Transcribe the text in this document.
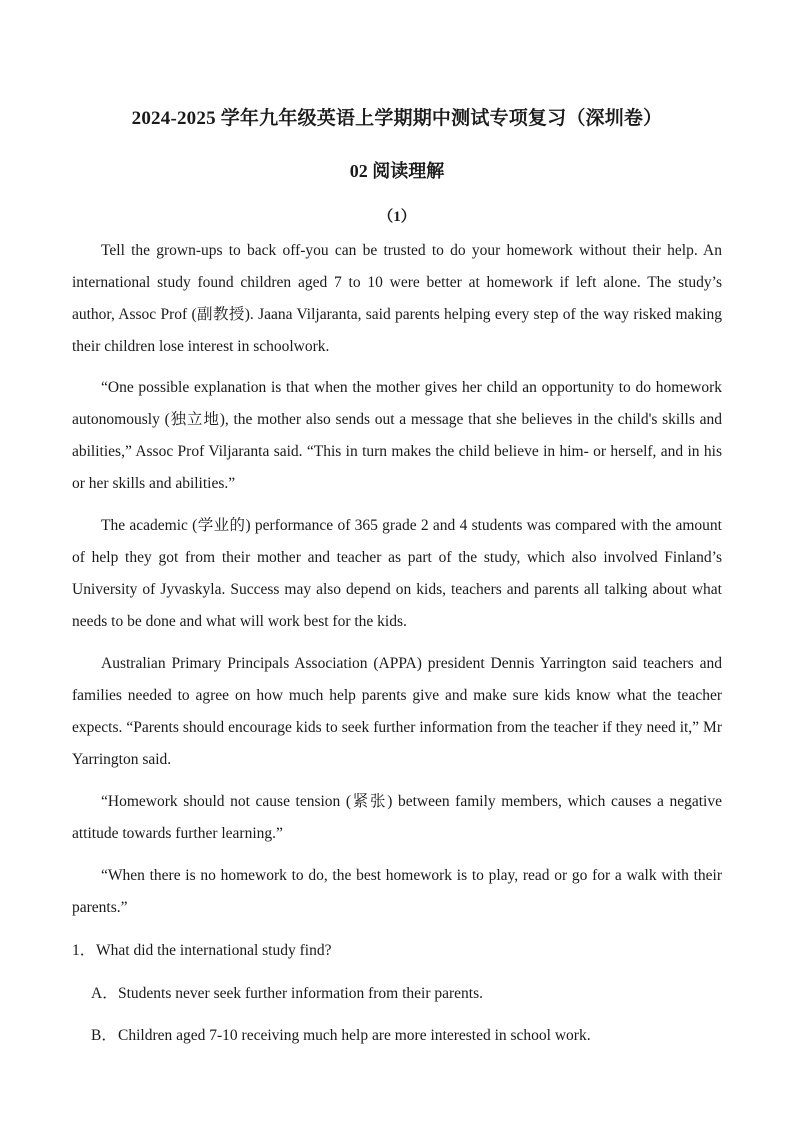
2024-2025 学年九年级英语上学期期中测试专项复习（深圳卷）
02 阅读理解
（1）

Tell the grown-ups to back off-you can be trusted to do your homework without their help. An international study found children aged 7 to 10 were better at homework if left alone. The study’s author, Assoc Prof (副教授). Jaana Viljaranta, said parents helping every step of the way risked making their children lose interest in schoolwork.

“One possible explanation is that when the mother gives her child an opportunity to do homework autonomously (独立地), the mother also sends out a message that she believes in the child's skills and abilities,” Assoc Prof Viljaranta said. “This in turn makes the child believe in him- or herself, and in his or her skills and abilities.”

The academic (学业的) performance of 365 grade 2 and 4 students was compared with the amount of help they got from their mother and teacher as part of the study, which also involved Finland’s University of Jyvaskyla. Success may also depend on kids, teachers and parents all talking about what needs to be done and what will work best for the kids.

Australian Primary Principals Association (APPA) president Dennis Yarrington said teachers and families needed to agree on how much help parents give and make sure kids know what the teacher expects. “Parents should encourage kids to seek further information from the teacher if they need it,” Mr Yarrington said.

“Homework should not cause tension (紧张) between family members, which causes a negative attitude towards further learning.”

“When there is no homework to do, the best homework is to play, read or go for a walk with their parents.”

1．What did the international study find?

A．Students never seek further information from their parents.

B．Children aged 7-10 receiving much help are more interested in school work.
